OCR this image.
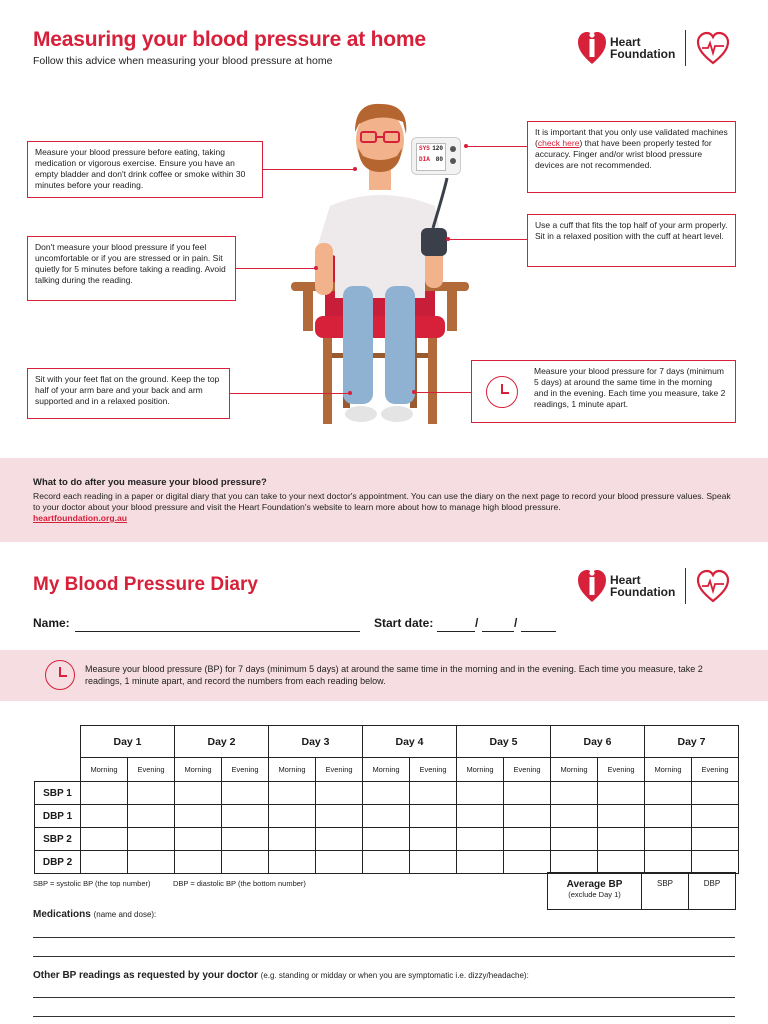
Measuring your blood pressure at home
Follow this advice when measuring your blood pressure at home
Heart
Foundation
SYS 120
DIA 80
Measure your blood pressure before eating, taking medication or vigorous exercise. Ensure you have an empty bladder and don't drink coffee or smoke within 30 minutes before your reading.
Don't measure your blood pressure if you feel uncomfortable or if you are stressed or in pain. Sit quietly for 5 minutes before taking a reading. Avoid talking during the reading.
Sit with your feet flat on the ground. Keep the top half of your arm bare and your back and arm supported and in a relaxed position.
It is important that you only use validated machines (check here) that have been properly tested for accuracy. Finger and/or wrist blood pressure devices are not recommended.
Use a cuff that fits the top half of your arm properly. Sit in a relaxed position with the cuff at heart level.
Measure your blood pressure for 7 days (minimum 5 days) at around the same time in the morning and in the evening. Each time you measure, take 2 readings, 1 minute apart.
What to do after you measure your blood pressure?
Record each reading in a paper or digital diary that you can take to your next doctor's appointment. You can use the diary on the next page to record your blood pressure values. Speak to your doctor about your blood pressure and visit the Heart Foundation's website to learn more about how to manage high blood pressure.
heartfoundation.org.au
My Blood Pressure Diary	Heart
Foundation
Name:	Start date:	/	/
Measure your blood pressure (BP) for 7 days (minimum 5 days) at around the same time in the morning and in the evening. Each time you measure, take 2 readings, 1 minute apart, and record the numbers from each reading below.
	Day 1		Day 2		Day 3		Day 4		Day 5		Day 6		Day 7	
	Morning	Evening	Morning	Evening	Morning	Evening	Morning	Evening	Morning	Evening	Morning	Evening	Morning	Evening
SBP 1														
DBP 1														
SBP 2														
DBP 2														
SBP = systolic BP (the top number)	DBP = diastolic BP (the bottom number)	Average BP
(exclude Day 1)
	SBP	DBP
Medications (name and dose):
Other BP readings as requested by your doctor (e.g. standing or midday or when you are symptomatic i.e. dizzy/headache):
